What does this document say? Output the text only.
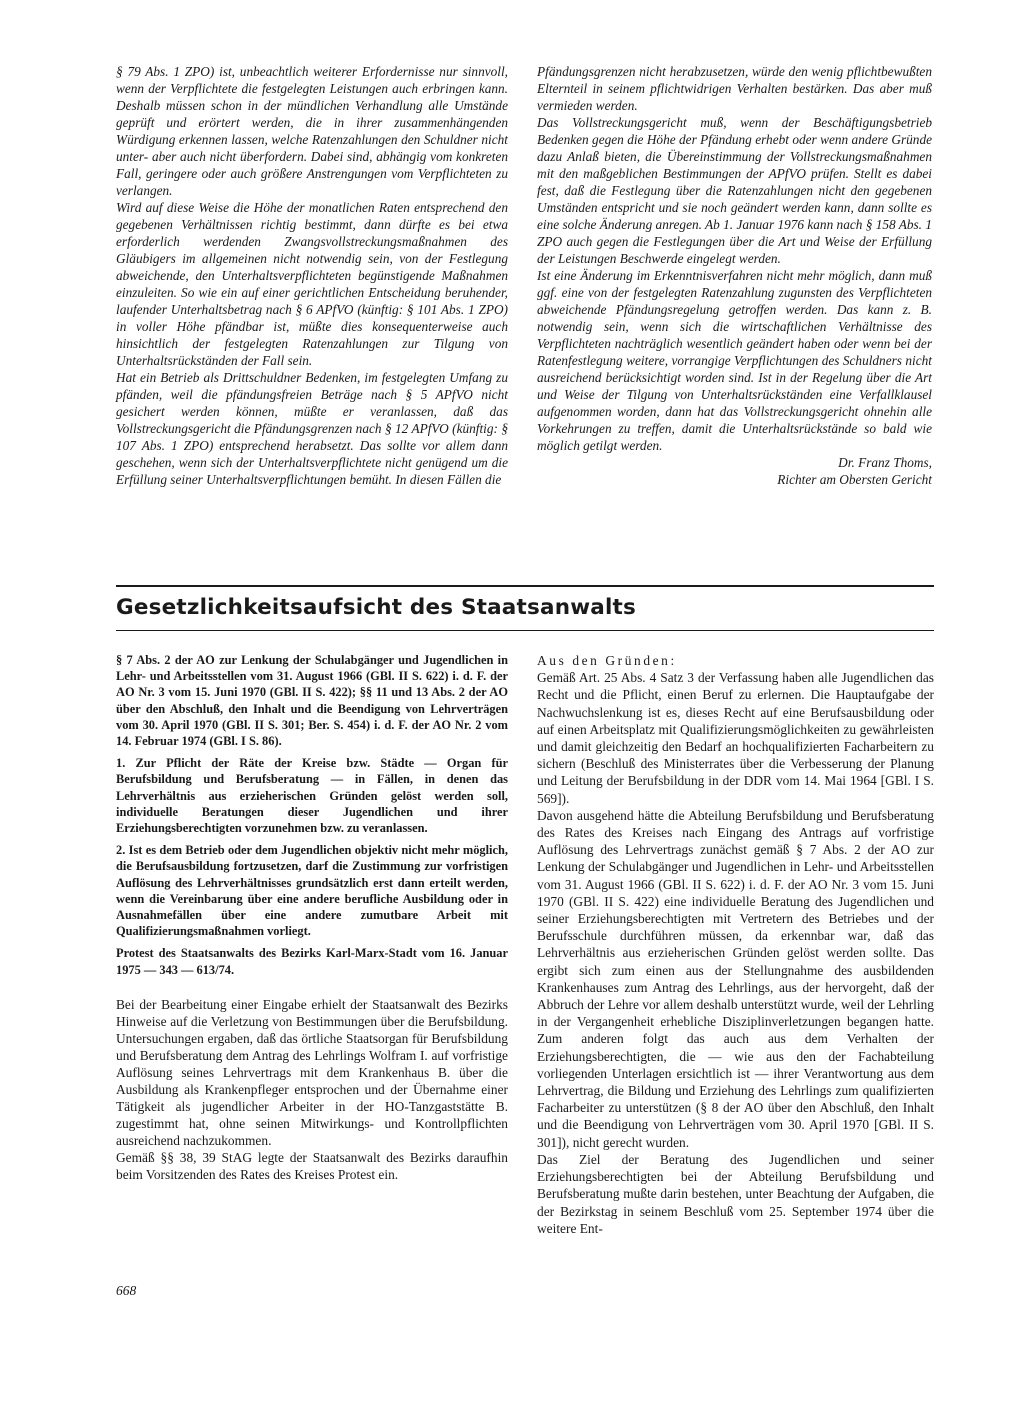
§ 79 Abs. 1 ZPO) ist, unbeachtlich weiterer Erfordernisse nur sinnvoll, wenn der Verpflichtete die festgelegten Leistungen auch erbringen kann. Deshalb müssen schon in der mündlichen Verhandlung alle Umstände geprüft und erörtert werden, die in ihrer zusammenhängenden Würdigung erkennen lassen, welche Ratenzahlungen den Schuldner nicht unter- aber auch nicht überfordern. Dabei sind, abhängig vom konkreten Fall, geringere oder auch größere Anstrengungen vom Verpflichteten zu verlangen.

Wird auf diese Weise die Höhe der monatlichen Raten entsprechend den gegebenen Verhältnissen richtig bestimmt, dann dürfte es bei etwa erforderlich werdenden Zwangsvollstreckungsmaßnahmen des Gläubigers im allgemeinen nicht notwendig sein, von der Festlegung abweichende, den Unterhaltsverpflichteten begünstigende Maßnahmen einzuleiten. So wie ein auf einer gerichtlichen Entscheidung beruhender, laufender Unterhaltsbetrag nach § 6 APfVO (künftig: § 101 Abs. 1 ZPO) in voller Höhe pfändbar ist, müßte dies konsequenterweise auch hinsichtlich der festgelegten Ratenzahlungen zur Tilgung von Unterhaltsrückständen der Fall sein.

Hat ein Betrieb als Drittschuldner Bedenken, im festgelegten Umfang zu pfänden, weil die pfändungsfreien Beträge nach § 5 APfVO nicht gesichert werden können, müßte er veranlassen, daß das Vollstreckungsgericht die Pfändungsgrenzen nach § 12 APfVO (künftig: § 107 Abs. 1 ZPO) entsprechend herabsetzt. Das sollte vor allem dann geschehen, wenn sich der Unterhaltsverpflichtete nicht genügend um die Erfüllung seiner Unterhaltsverpflichtungen bemüht. In diesen Fällen die

Pfändungsgrenzen nicht herabzusetzen, würde den wenig pflichtbewußten Elternteil in seinem pflichtwidrigen Verhalten bestärken. Das aber muß vermieden werden.

Das Vollstreckungsgericht muß, wenn der Beschäftigungsbetrieb Bedenken gegen die Höhe der Pfändung erhebt oder wenn andere Gründe dazu Anlaß bieten, die Übereinstimmung der Vollstreckungsmaßnahmen mit den maßgeblichen Bestimmungen der APfVO prüfen. Stellt es dabei fest, daß die Festlegung über die Ratenzahlungen nicht den gegebenen Umständen entspricht und sie noch geändert werden kann, dann sollte es eine solche Änderung anregen. Ab 1. Januar 1976 kann nach § 158 Abs. 1 ZPO auch gegen die Festlegungen über die Art und Weise der Erfüllung der Leistungen Beschwerde eingelegt werden.

Ist eine Änderung im Erkenntnisverfahren nicht mehr möglich, dann muß ggf. eine von der festgelegten Ratenzahlung zugunsten des Verpflichteten abweichende Pfändungsregelung getroffen werden. Das kann z. B. notwendig sein, wenn sich die wirtschaftlichen Verhältnisse des Verpflichteten nachträglich wesentlich geändert haben oder wenn bei der Ratenfestlegung weitere, vorrangige Verpflichtungen des Schuldners nicht ausreichend berücksichtigt worden sind. Ist in der Regelung über die Art und Weise der Tilgung von Unterhaltsrückständen eine Verfallklausel aufgenommen worden, dann hat das Vollstreckungsgericht ohnehin alle Vorkehrungen zu treffen, damit die Unterhaltsrückstände so bald wie möglich getilgt werden.

Dr. Franz Thoms,
Richter am Obersten Gericht
Gesetzlichkeitsaufsicht des Staatsanwalts

§ 7 Abs. 2 der AO zur Lenkung der Schulabgänger und Jugendlichen in Lehr- und Arbeitsstellen vom 31. August 1966 (GBl. II S. 622) i. d. F. der AO Nr. 3 vom 15. Juni 1970 (GBl. II S. 422); §§ 11 und 13 Abs. 2 der AO über den Abschluß, den Inhalt und die Beendigung von Lehrverträgen vom 30. April 1970 (GBl. II S. 301; Ber. S. 454) i. d. F. der AO Nr. 2 vom 14. Februar 1974 (GBl. I S. 86).

1. Zur Pflicht der Räte der Kreise bzw. Städte — Organ für Berufsbildung und Berufsberatung — in Fällen, in denen das Lehrverhältnis aus erzieherischen Gründen gelöst werden soll, individuelle Beratungen dieser Jugendlichen und ihrer Erziehungsberechtigten vorzunehmen bzw. zu veranlassen.

2. Ist es dem Betrieb oder dem Jugendlichen objektiv nicht mehr möglich, die Berufsausbildung fortzusetzen, darf die Zustimmung zur vorfristigen Auflösung des Lehrverhältnisses grundsätzlich erst dann erteilt werden, wenn die Vereinbarung über eine andere berufliche Ausbildung oder in Ausnahmefällen über eine andere zumutbare Arbeit mit Qualifizierungsmaßnahmen vorliegt.

Protest des Staatsanwalts des Bezirks Karl-Marx-Stadt vom 16. Januar 1975 — 343 — 613/74.

Bei der Bearbeitung einer Eingabe erhielt der Staatsanwalt des Bezirks Hinweise auf die Verletzung von Bestimmungen über die Berufsbildung. Untersuchungen ergaben, daß das örtliche Staatsorgan für Berufsbildung und Berufsberatung dem Antrag des Lehrlings Wolfram I. auf vorfristige Auflösung seines Lehrvertrags mit dem Krankenhaus B. über die Ausbildung als Krankenpfleger entsprochen und der Übernahme einer Tätigkeit als jugendlicher Arbeiter in der HO-Tanzgaststätte B. zugestimmt hat, ohne seinen Mitwirkungs- und Kontrollpflichten ausreichend nachzukommen.

Gemäß §§ 38, 39 StAG legte der Staatsanwalt des Bezirks daraufhin beim Vorsitzenden des Rates des Kreises Protest ein.

Aus den Gründen:

Gemäß Art. 25 Abs. 4 Satz 3 der Verfassung haben alle Jugendlichen das Recht und die Pflicht, einen Beruf zu erlernen. Die Hauptaufgabe der Nachwuchslenkung ist es, dieses Recht auf eine Berufsausbildung oder auf einen Arbeitsplatz mit Qualifizierungsmöglichkeiten zu gewährleisten und damit gleichzeitig den Bedarf an hochqualifizierten Facharbeitern zu sichern (Beschluß des Ministerrates über die Verbesserung der Planung und Leitung der Berufsbildung in der DDR vom 14. Mai 1964 [GBl. I S. 569]).

Davon ausgehend hätte die Abteilung Berufsbildung und Berufsberatung des Rates des Kreises nach Eingang des Antrags auf vorfristige Auflösung des Lehrvertrags zunächst gemäß § 7 Abs. 2 der AO zur Lenkung der Schulabgänger und Jugendlichen in Lehr- und Arbeitsstellen vom 31. August 1966 (GBl. II S. 622) i. d. F. der AO Nr. 3 vom 15. Juni 1970 (GBl. II S. 422) eine individuelle Beratung des Jugendlichen und seiner Erziehungsberechtigten mit Vertretern des Betriebes und der Berufsschule durchführen müssen, da erkennbar war, daß das Lehrverhältnis aus erzieherischen Gründen gelöst werden sollte. Das ergibt sich zum einen aus der Stellungnahme des ausbildenden Krankenhauses zum Antrag des Lehrlings, aus der hervorgeht, daß der Abbruch der Lehre vor allem deshalb unterstützt wurde, weil der Lehrling in der Vergangenheit erhebliche Disziplinverletzungen begangen hatte. Zum anderen folgt das auch aus dem Verhalten der Erziehungsberechtigten, die — wie aus den der Fachabteilung vorliegenden Unterlagen ersichtlich ist — ihrer Verantwortung aus dem Lehrvertrag, die Bildung und Erziehung des Lehrlings zum qualifizierten Facharbeiter zu unterstützen (§ 8 der AO über den Abschluß, den Inhalt und die Beendigung von Lehrverträgen vom 30. April 1970 [GBl. II S. 301]), nicht gerecht wurden.

Das Ziel der Beratung des Jugendlichen und seiner Erziehungsberechtigten bei der Abteilung Berufsbildung und Berufsberatung mußte darin bestehen, unter Beachtung der Aufgaben, die der Bezirkstag in seinem Beschluß vom 25. September 1974 über die weitere Ent-

668
